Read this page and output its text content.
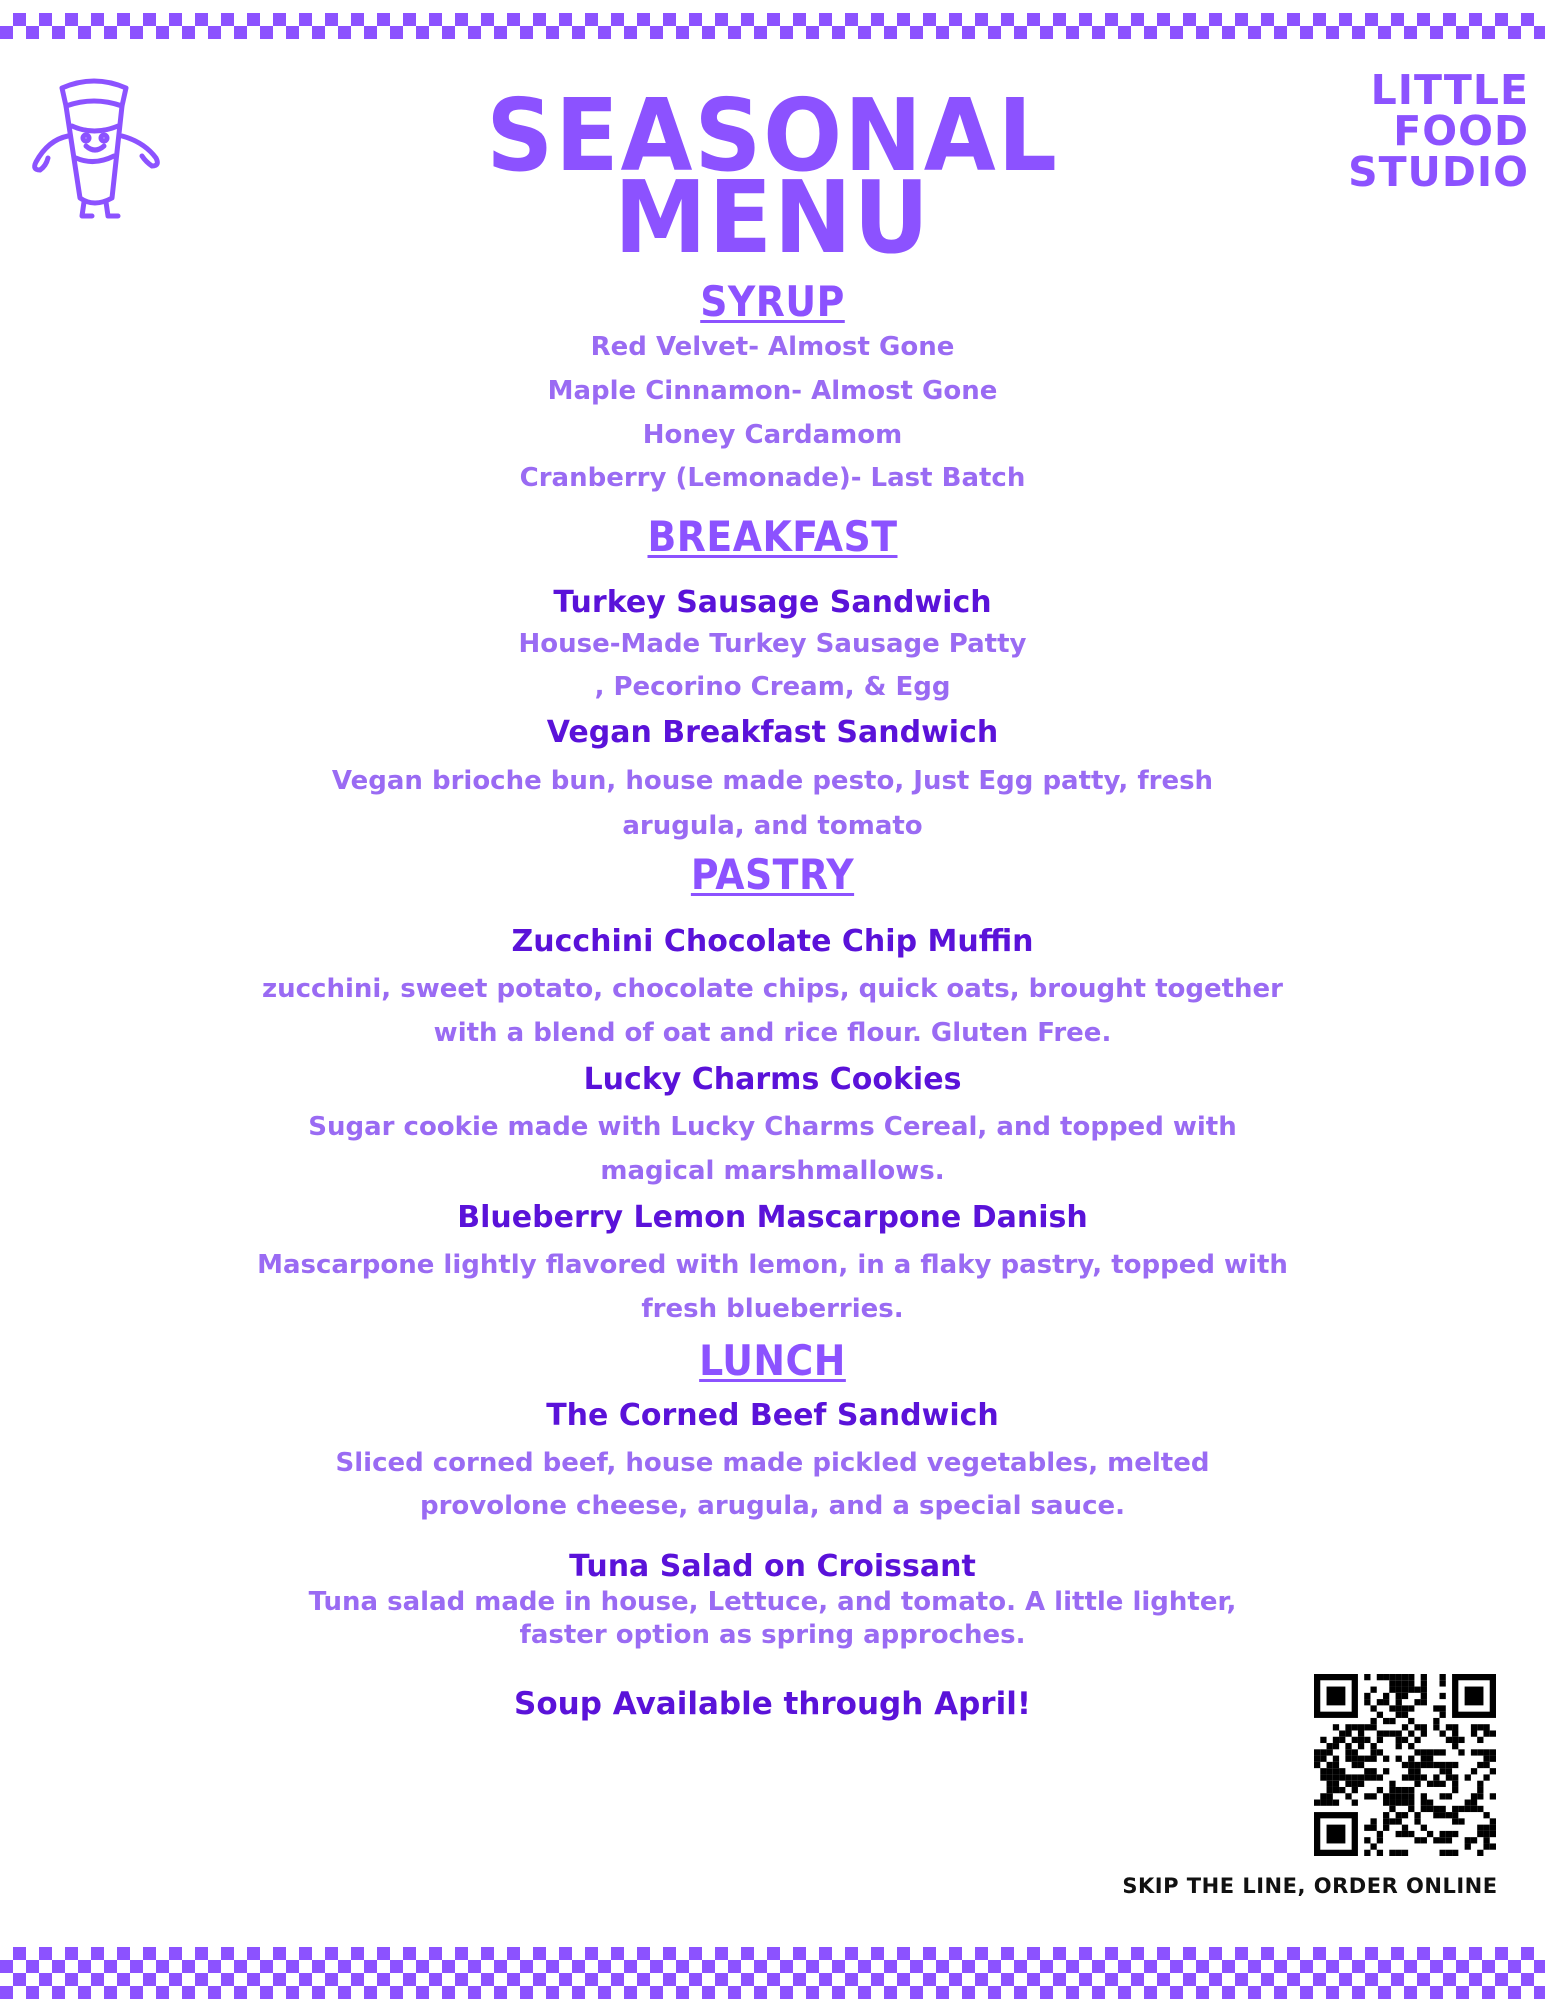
LITTLE
FOOD
STUDIO
SEASONAL
MENU
SYRUP
Red Velvet- Almost Gone
Maple Cinnamon- Almost Gone
Honey Cardamom
Cranberry (Lemonade)- Last Batch
BREAKFAST
Turkey Sausage Sandwich
House-Made Turkey Sausage Patty
, Pecorino Cream, & Egg
Vegan Breakfast Sandwich
Vegan brioche bun, house made pesto, Just Egg patty, fresh
arugula, and tomato
PASTRY
Zucchini Chocolate Chip Muffin
zucchini, sweet potato, chocolate chips, quick oats, brought together
with a blend of oat and rice flour. Gluten Free.
Lucky Charms Cookies
Sugar cookie made with Lucky Charms Cereal, and topped with
magical marshmallows.
Blueberry Lemon Mascarpone Danish
Mascarpone lightly flavored with lemon, in a flaky pastry, topped with
fresh blueberries.
LUNCH
The Corned Beef Sandwich
Sliced corned beef, house made pickled vegetables, melted
provolone cheese, arugula, and a special sauce.
Tuna Salad on Croissant
Tuna salad made in house, Lettuce, and tomato. A little lighter,
faster option as spring approches.
Soup Available through April!
SKIP THE LINE, ORDER ONLINE
